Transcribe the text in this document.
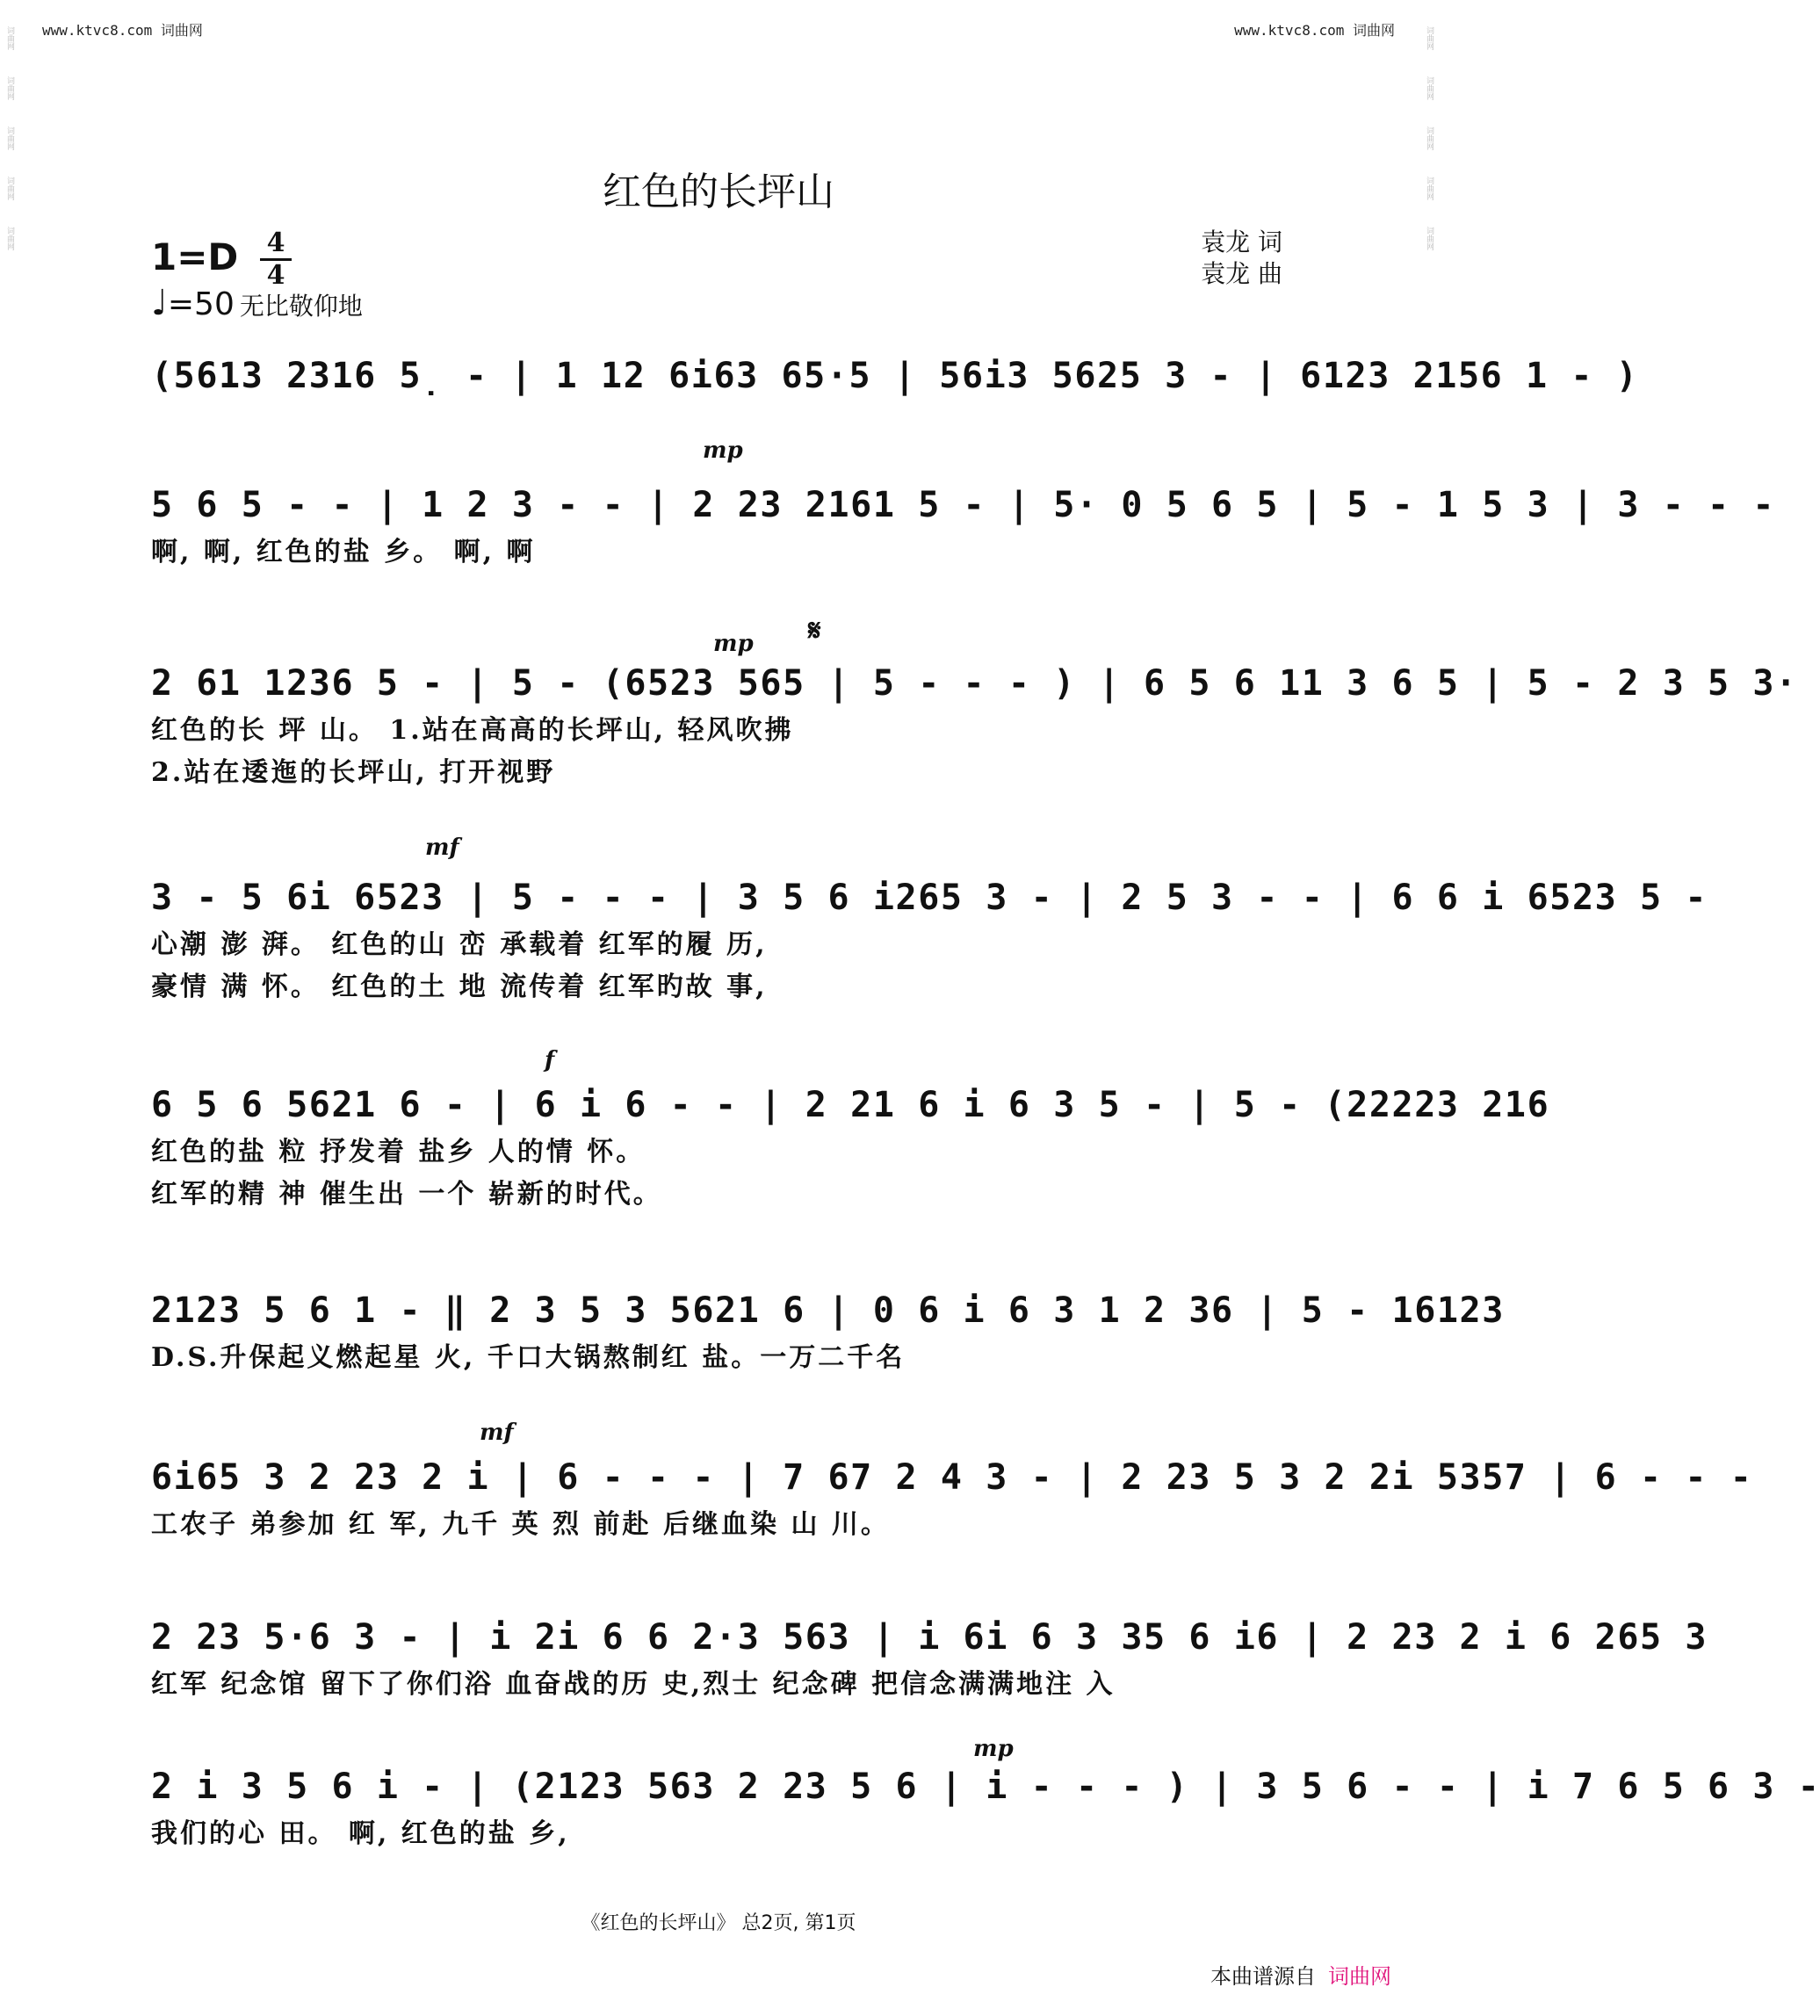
www.ktvc8.com 词曲网	www.ktvc8.com 词曲网
词曲网
词曲网
词曲网
词曲网
词曲网
词曲网
词曲网
词曲网
词曲网
词曲网
红色的长坪山
1=D 4
4
♩=50 无比敬仰地
袁龙 词
袁龙 曲
(5613 2316 5̣ - | 1 12 6i63 65·5 | 56i3 5625 3 - | 6123 2156 1 - )
5 6 5 - - | 1 2 3 - - | 2 23 2161 5 - | 5· 0 5 6 5 | 5 - 1 5 3 | 3 - - -
啊, 啊, 红色的盐 乡。 啊, 啊
2 61 1236 5 - | 5 - (6523 565 | 5 - - - ) | 6 5 6 11 3 6 5 | 5 - 2 3 5 3·
红色的长 坪 山。 1.站在高高的长坪山, 轻风吹拂
2.站在逶迤的长坪山, 打开视野
3 - 5 6i 6523 | 5 - - - | 3 5 6 i265 3 - | 2 5 3 - - | 6 6 i 6523 5 -
心潮 澎 湃。 红色的山 峦 承载着 红军的履 历,
豪情 满 怀。 红色的土 地 流传着 红军旳故 事,
6 5 6 5621 6 - | 6 i 6 - - | 2 21 6 i 6 3 5 - | 5 - (22223 216
红色的盐 粒 抒发着 盐乡 人的情 怀。
红军的精 神 催生出 一个 崭新的时代。
2123 5 6 1 - ‖ 2 3 5 3 5621 6 | 0 6 i 6 3 1 2 36 | 5 - 16123
D.S.升保起义燃起星 火, 千口大锅熬制红 盐。一万二千名
6i65 3 2 23 2 i | 6 - - - | 7 67 2 4 3 - | 2 23 5 3 2 2i 5357 | 6 - - -
工农子 弟参加 红 军, 九千 英 烈 前赴 后继血染 山 川。
2 23 5·6 3 - | i 2i 6 6 2·3 563 | i 6i 6 3 35 6 i6 | 2 23 2 i 6 265 3
红军 纪念馆 留下了你们浴 血奋战的历 史,烈士 纪念碑 把信念满满地注 入
2 i 3 5 6 i - | (2123 563 2 23 5 6 | i - - - ) | 3 5 6 - - | i 7 6 5 6 3 -
我们的心 田。 啊, 红色的盐 乡,
mp
mp 𝄋
mf
f
mf
mp
《红色的长坪山》 总2页, 第1页
本曲谱源自 词曲网
